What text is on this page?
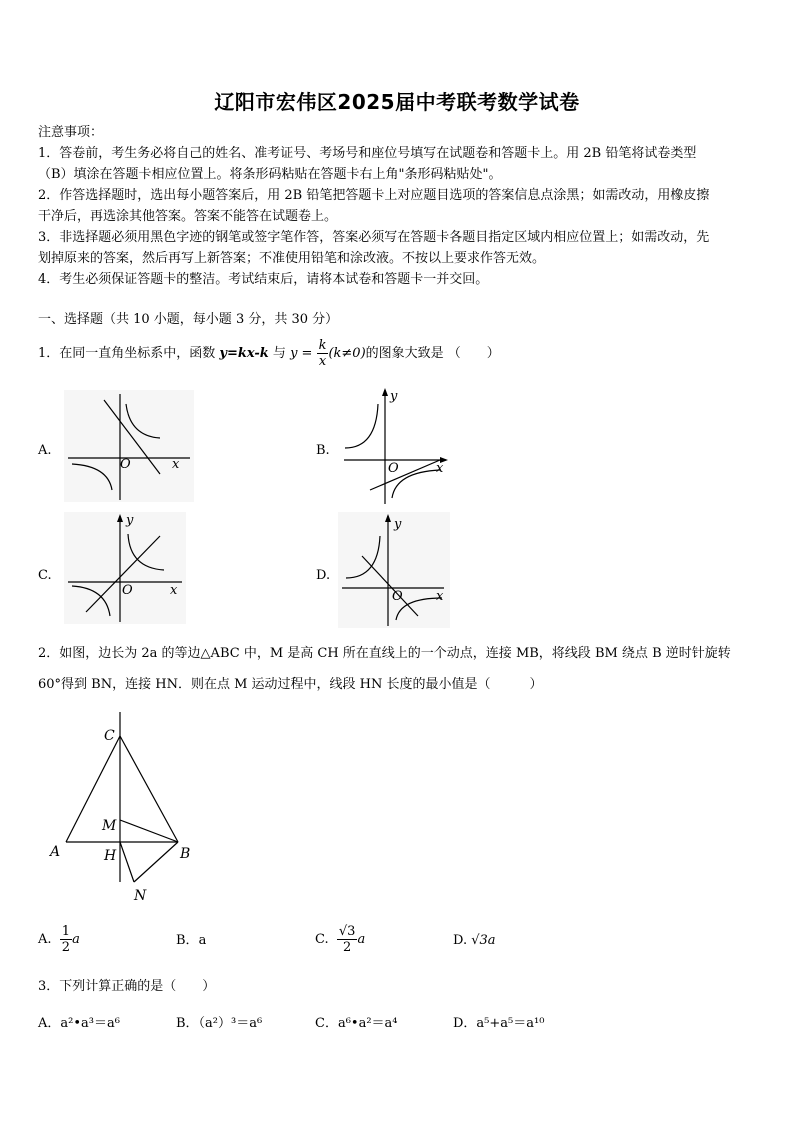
辽阳市宏伟区2025届中考联考数学试卷
注意事项：
1．答卷前，考生务必将自己的姓名、准考证号、考场号和座位号填写在试题卷和答题卡上。用 2B 铅笔将试卷类型
（B）填涂在答题卡相应位置上。将条形码粘贴在答题卡右上角"条形码粘贴处"。
2．作答选择题时，选出每小题答案后，用 2B 铅笔把答题卡上对应题目选项的答案信息点涂黑；如需改动，用橡皮擦
干净后，再选涂其他答案。答案不能答在试题卷上。
3．非选择题必须用黑色字迹的钢笔或签字笔作答，答案必须写在答题卡各题目指定区域内相应位置上；如需改动，先
划掉原来的答案，然后再写上新答案；不准使用铅笔和涂改液。不按以上要求作答无效。
4．考生必须保证答题卡的整洁。考试结束后，请将本试卷和答题卡一并交回。
一、选择题（共 10 小题，每小题 3 分，共 30 分）
1．在同一直角坐标系中，函数 y=kx-k 与 $y = \frac{k}{x} (k\ne 0)$的图象大致是 （　　）
A.	B.
C.	D.
O	x
y
O	x
y
O	x
y
O	x
2．如图，边长为 2a 的等边△ABC 中，M 是高 CH 所在直线上的一个动点，连接 MB，将线段 BM 绕点 B 逆时针旋转
60°得到 BN，连接 HN．则在点 M 运动过程中，线段 HN 长度的最小值是（　　　）
C
M
A	H	B
N
A. $\frac{1}{2}$ a	B．a	C. $\frac{√3}{2}$ a	D. √3a
3．下列计算正确的是（　　）
A．a²•a³＝a⁶	B．（a²）³＝a⁶	C．a⁶•a²＝a⁴	D．a⁵+a⁵＝a¹⁰
